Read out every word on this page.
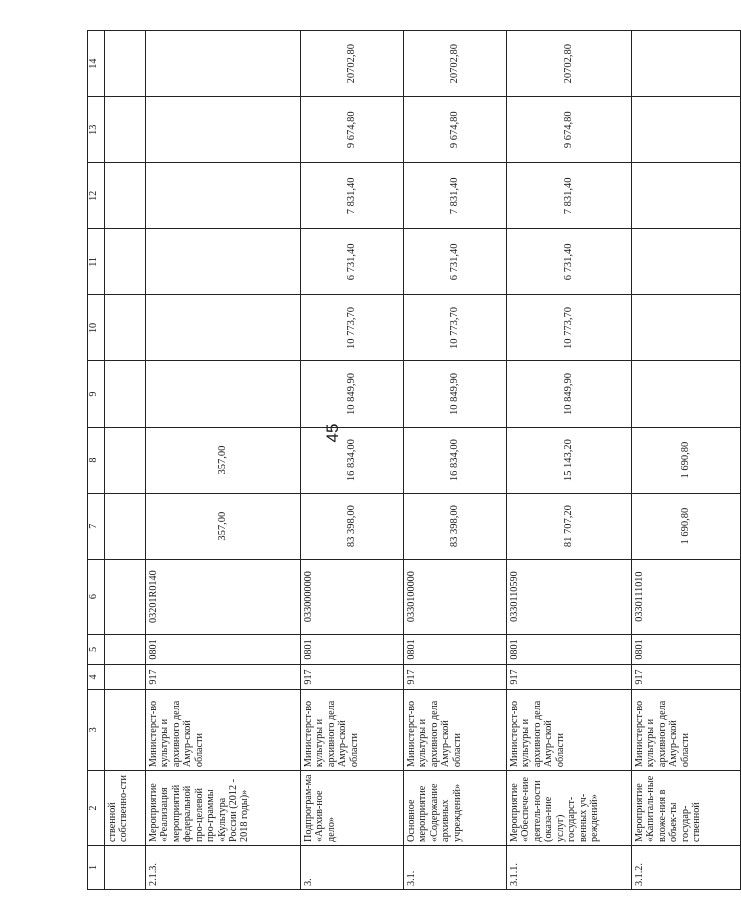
45
1	2	3	4	5	6	7	8	9	10	11	12	13	14
	ственной собственно-сти												
2.1.3.	Мероприятие «Реализация мероприятий федеральной про-целевой про-граммы «Культура России (2012 - 2018 годы)»	Министерст-во культуры и архивного дела Амур-ской области	917	0801	03201R0140	357,00	357,00						
3.	Подпрограм-ма «Архив-ное дело»	Министерст-во культуры и архивного дела Амур-ской области	917	0801	0330000000	83 398,00	16 834,00	10 849,90	10 773,70	6 731,40	7 831,40	9 674,80	20702,80
3.1.	Основное мероприятие «Содержание архивных учреждений»	Министерст-во культуры и архивного дела Амур-ской области	917	0801	0330100000	83 398,00	16 834,00	10 849,90	10 773,70	6 731,40	7 831,40	9 674,80	20702,80
3.1.1.	Мероприятие «Обеспече-ние деятель-ности (оказа-ние услуг) государст-венных уч-реждений»	Министерст-во культуры и архивного дела Амур-ской области	917	0801	0330110590	81 707,20	15 143,20	10 849,90	10 773,70	6 731,40	7 831,40	9 674,80	20702,80
3.1.2.	Мероприятие «Капиталь-ные вложе-ния в объек-ты государ-ственной	Министерст-во культуры и архивного дела Амур-ской области	917	0801	0330111010	1 690,80	1 690,80						
